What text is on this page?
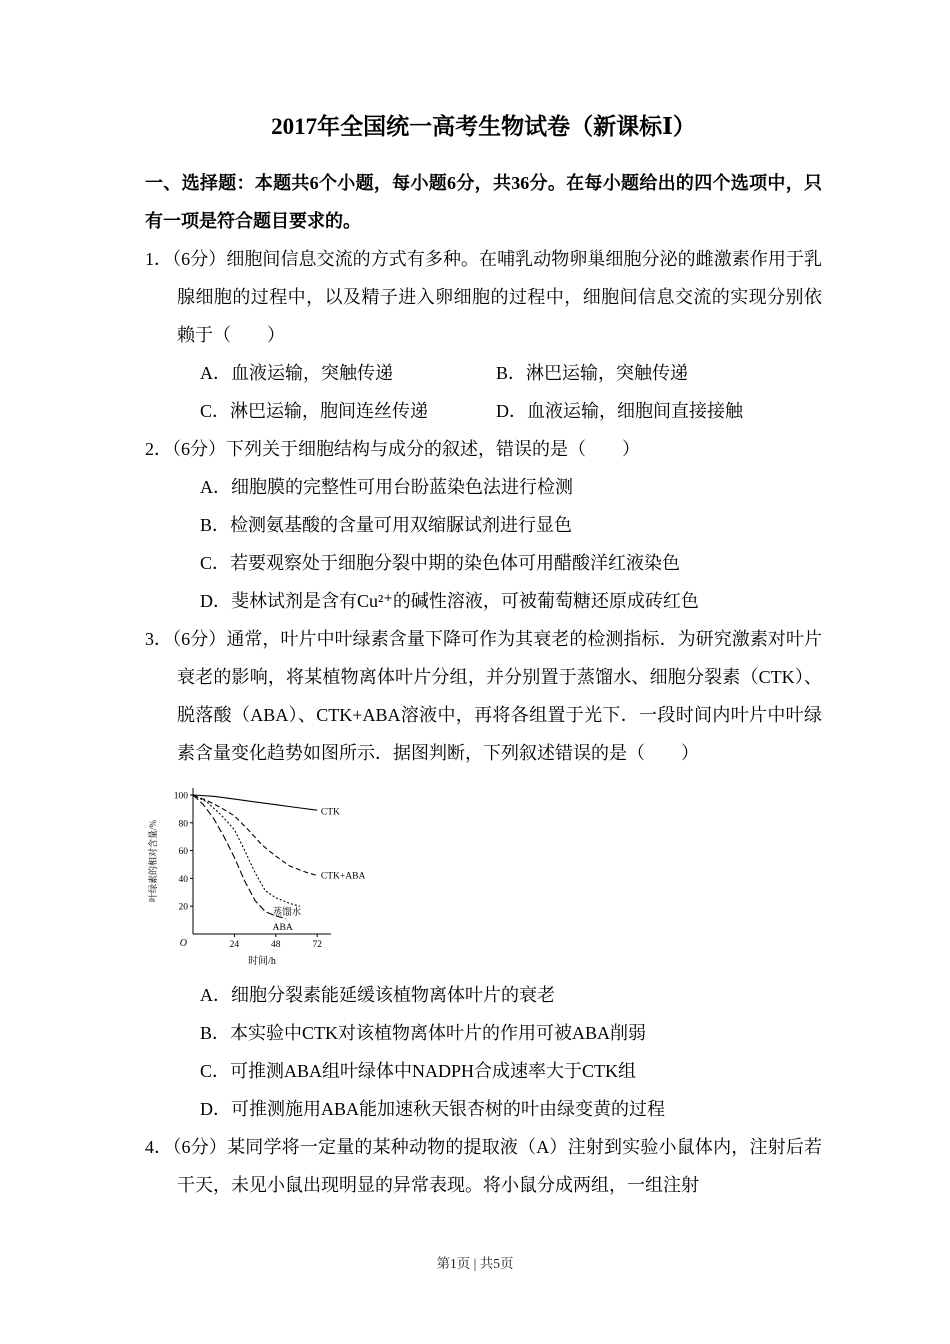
2017年全国统一高考生物试卷（新课标Ⅰ）

一、选择题：本题共6个小题，每小题6分，共36分。在每小题给出的四个选项中，只有一项是符合题目要求的。

1．（6分）细胞间信息交流的方式有多种。在哺乳动物卵巢细胞分泌的雌激素作用于乳腺细胞的过程中，以及精子进入卵细胞的过程中，细胞间信息交流的实现分别依赖于（　　）

A．血液运输，突触传递	B．淋巴运输，突触传递

C．淋巴运输，胞间连丝传递	D．血液运输，细胞间直接接触

2．（6分）下列关于细胞结构与成分的叙述，错误的是（　　）

A．细胞膜的完整性可用台盼蓝染色法进行检测

B．检测氨基酸的含量可用双缩脲试剂进行显色

C．若要观察处于细胞分裂中期的染色体可用醋酸洋红液染色

D．斐林试剂是含有Cu²⁺的碱性溶液，可被葡萄糖还原成砖红色

3．（6分）通常，叶片中叶绿素含量下降可作为其衰老的检测指标．为研究激素对叶片衰老的影响，将某植物离体叶片分组，并分别置于蒸馏水、细胞分裂素（CTK）、脱落酸（ABA）、CTK+ABA溶液中，再将各组置于光下．一段时间内叶片中叶绿素含量变化趋势如图所示．据图判断，下列叙述错误的是（　　）

20
40
60
80
100
24	48	72
O
CTK
CTK+ABA
蒸馏水
ABA
时间/h
叶绿素的相对含量/%

A．细胞分裂素能延缓该植物离体叶片的衰老

B．本实验中CTK对该植物离体叶片的作用可被ABA削弱

C．可推测ABA组叶绿体中NADPH合成速率大于CTK组

D．可推测施用ABA能加速秋天银杏树的叶由绿变黄的过程

4．（6分）某同学将一定量的某种动物的提取液（A）注射到实验小鼠体内，注射后若干天，未见小鼠出现明显的异常表现。将小鼠分成两组，一组注射

第1页 | 共5页
